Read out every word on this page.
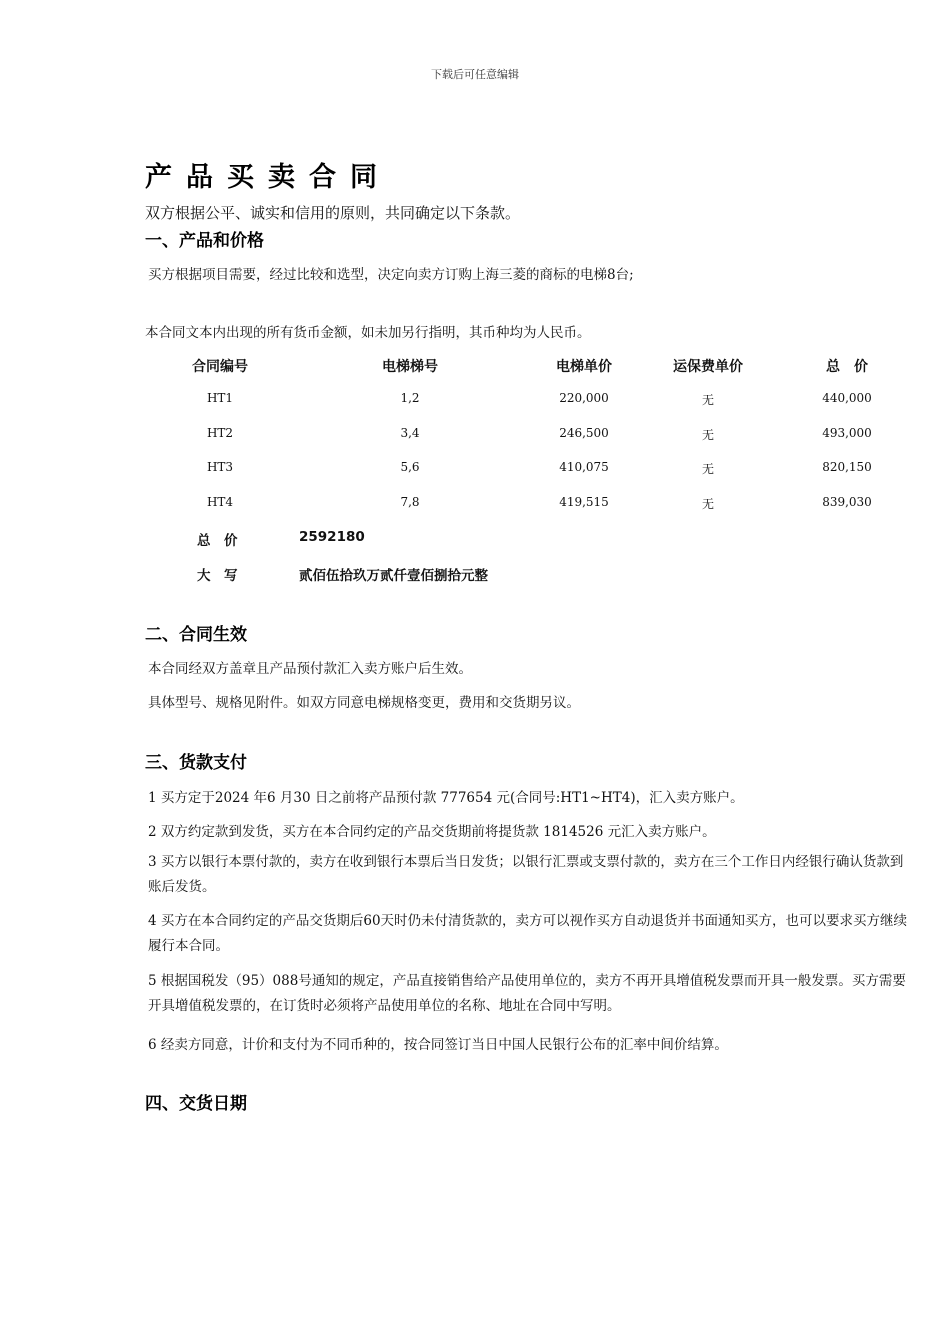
下载后可任意编辑
产品买卖合同
双方根据公平、诚实和信用的原则，共同确定以下条款。
一、产品和价格
买方根据项目需要，经过比较和选型，决定向卖方订购上海三菱的商标的电梯8台;
本合同文本内出现的所有货币金额，如未加另行指明，其币种均为人民币。
合同编号	电梯梯号	电梯单价	运保费单价	总　价
HT1	1,2	220,000	无	440,000
HT2	3,4	246,500	无	493,000
HT3	5,6	410,075	无	820,150
HT4	7,8	419,515	无	839,030
总　价	2592180
大　写	贰佰伍拾玖万贰仟壹佰捌拾元整
二、合同生效
本合同经双方盖章且产品预付款汇入卖方账户后生效。
具体型号、规格见附件。如双方同意电梯规格变更，费用和交货期另议。
三、货款支付
1 买方定于2024 年6 月30 日之前将产品预付款 777654 元(合同号:HT1~HT4)，汇入卖方账户。
2 双方约定款到发货，买方在本合同约定的产品交货期前将提货款 1814526 元汇入卖方账户。
3 买方以银行本票付款的，卖方在收到银行本票后当日发货；以银行汇票或支票付款的，卖方在三个工作日内经银行确认货款到账后发货。
4 买方在本合同约定的产品交货期后60天时仍未付清货款的，卖方可以视作买方自动退货并书面通知买方，也可以要求买方继续履行本合同。
5 根据国税发（95）088号通知的规定，产品直接销售给产品使用单位的，卖方不再开具增值税发票而开具一般发票。买方需要开具增值税发票的，在订货时必须将产品使用单位的名称、地址在合同中写明。
6 经卖方同意，计价和支付为不同币种的，按合同签订当日中国人民银行公布的汇率中间价结算。
四、交货日期
